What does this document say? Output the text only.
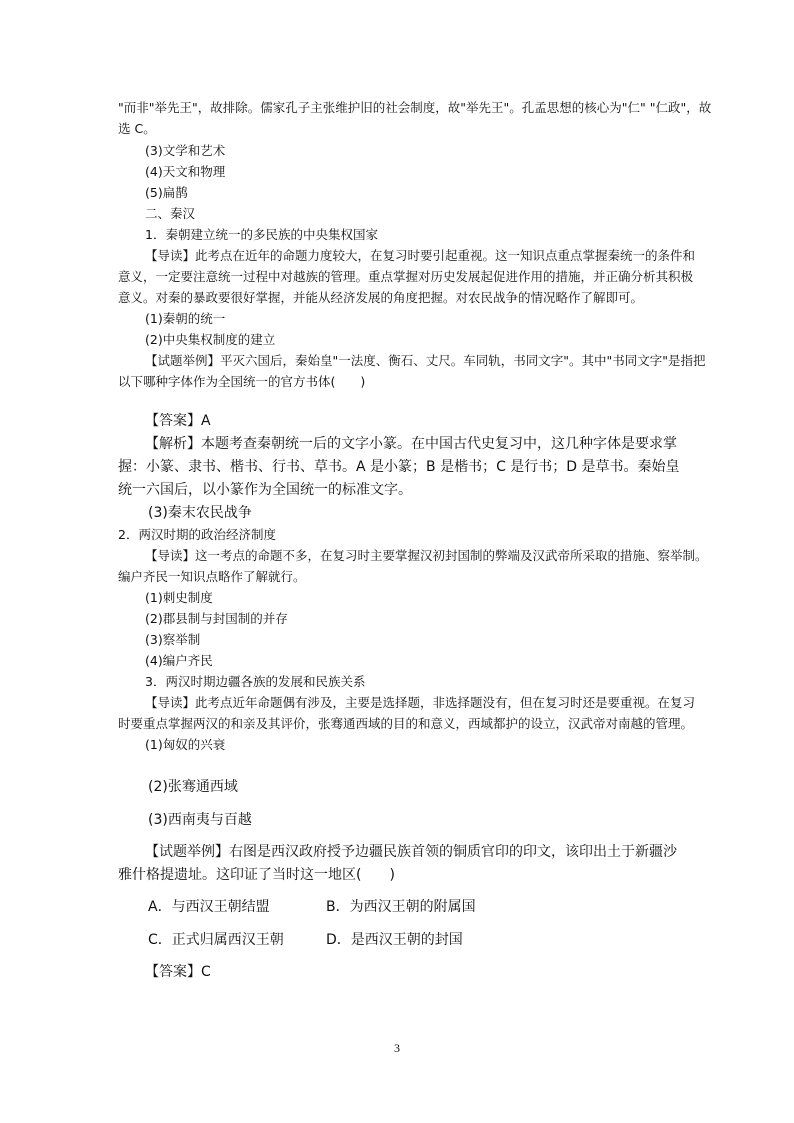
"而非"举先王"，故排除。儒家孔子主张维护旧的社会制度，故"举先王"。孔孟思想的核心为"仁" "仁政"，故
选 C。
(3)文学和艺术
(4)天文和物理
(5)扁鹊
二、秦汉
1．秦朝建立统一的多民族的中央集权国家
【导读】此考点在近年的命题力度较大，在复习时要引起重视。这一知识点重点掌握秦统一的条件和
意义，一定要注意统一过程中对越族的管理。重点掌握对历史发展起促进作用的措施，并正确分析其积极
意义。对秦的暴政要很好掌握，并能从经济发展的角度把握。对农民战争的情况略作了解即可。
(1)秦朝的统一
(2)中央集权制度的建立
【试题举例】平灭六国后，秦始皇"一法度、衡石、丈尺。车同轨，书同文字"。其中"书同文字"是指把
以下哪种字体作为全国统一的官方书体(　　)
【答案】A
【解析】本题考查秦朝统一后的文字小篆。在中国古代史复习中，这几种字体是要求掌
握：小篆、隶书、楷书、行书、草书。A 是小篆；B 是楷书；C 是行书；D 是草书。秦始皇
统一六国后，以小篆作为全国统一的标准文字。
(3)秦末农民战争
2．两汉时期的政治经济制度
【导读】这一考点的命题不多，在复习时主要掌握汉初封国制的弊端及汉武帝所采取的措施、察举制。
编户齐民一知识点略作了解就行。
(1)刺史制度
(2)郡县制与封国制的并存
(3)察举制
(4)编户齐民
3．两汉时期边疆各族的发展和民族关系
【导读】此考点近年命题偶有涉及，主要是选择题，非选择题没有，但在复习时还是要重视。在复习
时要重点掌握两汉的和亲及其评价，张骞通西域的目的和意义，西域都护的设立，汉武帝对南越的管理。
(1)匈奴的兴衰
(2)张骞通西域
(3)西南夷与百越
【试题举例】右图是西汉政府授予边疆民族首领的铜质官印的印文，该印出土于新疆沙
雅什格提遗址。这印证了当时这一地区(　　)
A．与西汉王朝结盟	B．为西汉王朝的附属国
C．正式归属西汉王朝	D．是西汉王朝的封国
【答案】C
3
